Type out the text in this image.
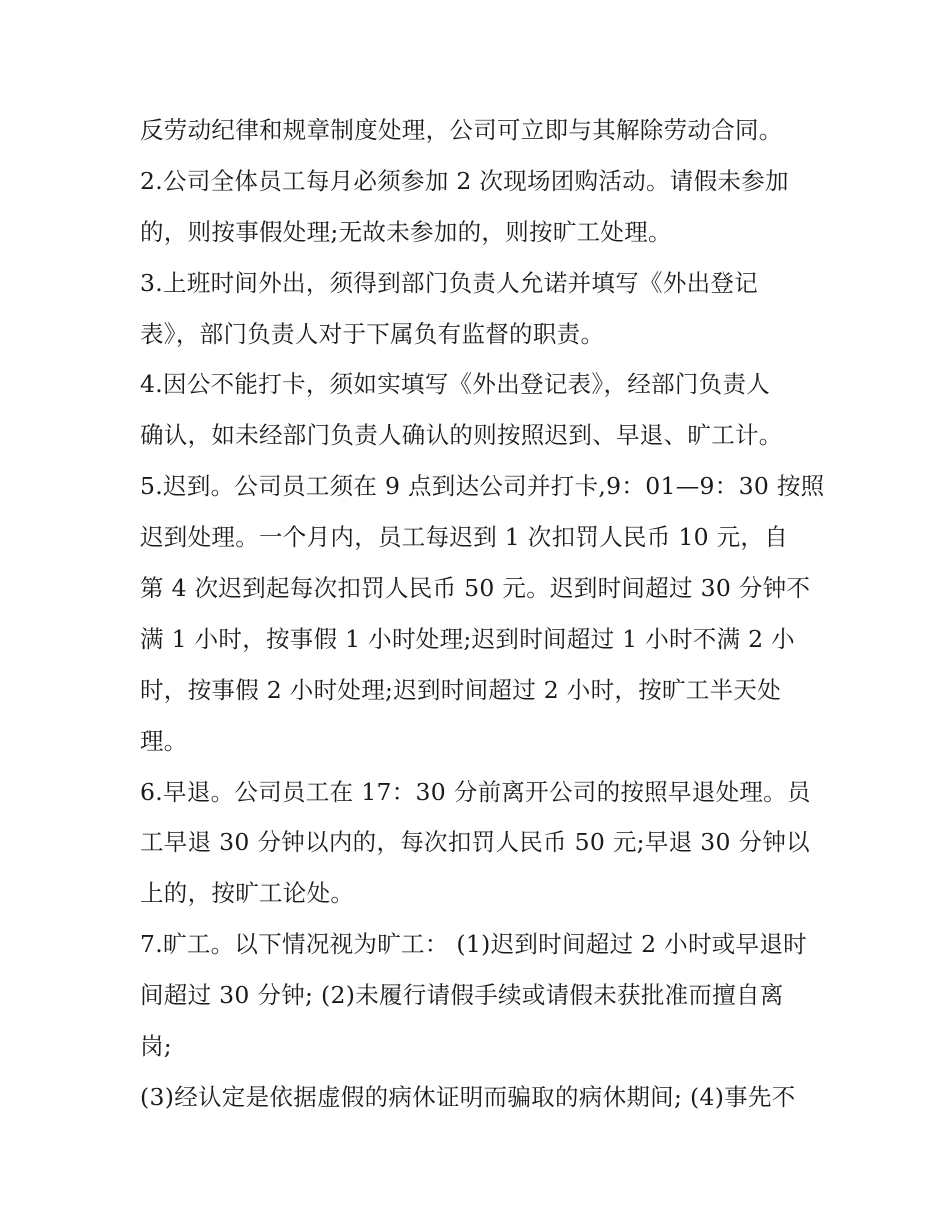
反劳动纪律和规章制度处理，公司可立即与其解除劳动合同。
2.公司全体员工每月必须参加 2 次现场团购活动。请假未参加
的，则按事假处理;无故未参加的，则按旷工处理。
3.上班时间外出，须得到部门负责人允诺并填写《外出登记
表》，部门负责人对于下属负有监督的职责。
4.因公不能打卡，须如实填写《外出登记表》，经部门负责人
确认，如未经部门负责人确认的则按照迟到、早退、旷工计。
5.迟到。公司员工须在 9 点到达公司并打卡,9：01—9：30 按照
迟到处理。一个月内，员工每迟到 1 次扣罚人民币 10 元，自
第 4 次迟到起每次扣罚人民币 50 元。迟到时间超过 30 分钟不
满 1 小时，按事假 1 小时处理;迟到时间超过 1 小时不满 2 小
时，按事假 2 小时处理;迟到时间超过 2 小时，按旷工半天处
理。
6.早退。公司员工在 17：30 分前离开公司的按照早退处理。员
工早退 30 分钟以内的，每次扣罚人民币 50 元;早退 30 分钟以
上的，按旷工论处。
7.旷工。以下情况视为旷工： (1)迟到时间超过 2 小时或早退时
间超过 30 分钟; (2)未履行请假手续或请假未获批准而擅自离
岗;
(3)经认定是依据虚假的病休证明而骗取的病休期间; (4)事先不
